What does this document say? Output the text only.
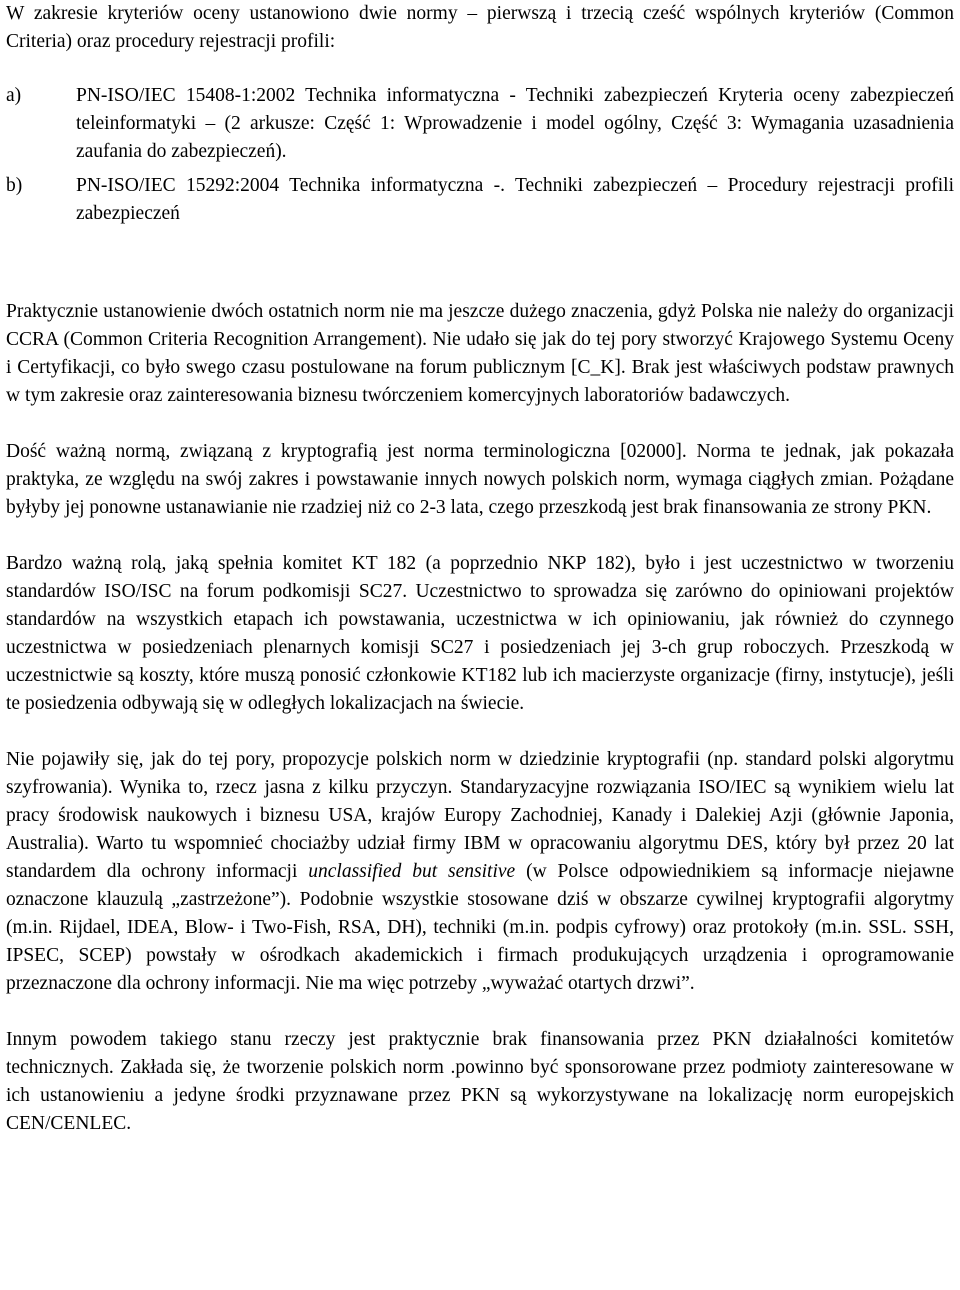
W zakresie kryteriów oceny ustanowiono dwie normy – pierwszą i trzecią cześć wspólnych kryteriów (Common Criteria) oraz procedury rejestracji profili:

a)	PN-ISO/IEC 15408-1:2002 Technika informatyczna - Techniki zabezpieczeń Kryteria oceny zabezpieczeń teleinformatyki – (2 arkusze: Część 1: Wprowadzenie i model ogólny, Część 3: Wymagania uzasadnienia zaufania do zabezpieczeń).

b)	PN-ISO/IEC 15292:2004 Technika informatyczna -. Techniki zabezpieczeń – Procedury rejestracji profili zabezpieczeń

Praktycznie ustanowienie dwóch ostatnich norm nie ma jeszcze dużego znaczenia, gdyż Polska nie należy do organizacji CCRA (Common Criteria Recognition Arrangement). Nie udało się jak do tej pory stworzyć Krajowego Systemu Oceny i Certyfikacji, co było swego czasu postulowane na forum publicznym [C_K]. Brak jest właściwych podstaw prawnych w tym zakresie oraz zainteresowania biznesu twórczeniem komercyjnych laboratoriów badawczych.

Dość ważną normą, związaną z kryptografią jest norma terminologiczna [02000]. Norma te jednak, jak pokazała praktyka, ze względu na swój zakres i powstawanie innych nowych polskich norm, wymaga ciągłych zmian. Pożądane byłyby jej ponowne ustanawianie nie rzadziej niż co 2-3 lata, czego przeszkodą jest brak finansowania ze strony PKN.

Bardzo ważną rolą, jaką spełnia komitet KT 182 (a poprzednio NKP 182), było i jest uczestnictwo w tworzeniu standardów ISO/ISC na forum podkomisji SC27. Uczestnictwo to sprowadza się zarówno do opiniowani projektów standardów na wszystkich etapach ich powstawania, uczestnictwa w ich opiniowaniu, jak również do czynnego uczestnictwa w posiedzeniach plenarnych komisji SC27 i posiedzeniach jej 3-ch grup roboczych. Przeszkodą w uczestnictwie są koszty, które muszą ponosić członkowie KT182 lub ich macierzyste organizacje (firny, instytucje), jeśli te posiedzenia odbywają się w odległych lokalizacjach na świecie.

Nie pojawiły się, jak do tej pory, propozycje polskich norm w dziedzinie kryptografii (np. standard polski algorytmu szyfrowania). Wynika to, rzecz jasna z kilku przyczyn. Standaryzacyjne rozwiązania ISO/IEC są wynikiem wielu lat pracy środowisk naukowych i biznesu USA, krajów Europy Zachodniej, Kanady i Dalekiej Azji (głównie Japonia, Australia). Warto tu wspomnieć chociażby udział firmy IBM w opracowaniu algorytmu DES, który był przez 20 lat standardem dla ochrony informacji unclassified but sensitive (w Polsce odpowiednikiem są informacje niejawne oznaczone klauzulą „zastrzeżone”). Podobnie wszystkie stosowane dziś w obszarze cywilnej kryptografii algorytmy (m.in. Rijdael, IDEA, Blow- i Two-Fish, RSA, DH), techniki (m.in. podpis cyfrowy) oraz protokoły (m.in. SSL. SSH, IPSEC, SCEP) powstały w ośrodkach akademickich i firmach produkujących urządzenia i oprogramowanie przeznaczone dla ochrony informacji. Nie ma więc potrzeby „wyważać otartych drzwi”.

Innym powodem takiego stanu rzeczy jest praktycznie brak finansowania przez PKN działalności komitetów technicznych. Zakłada się, że tworzenie polskich norm .powinno być sponsorowane przez podmioty zainteresowane w ich ustanowieniu a jedyne środki przyznawane przez PKN są wykorzystywane na lokalizację norm europejskich CEN/CENLEC.
